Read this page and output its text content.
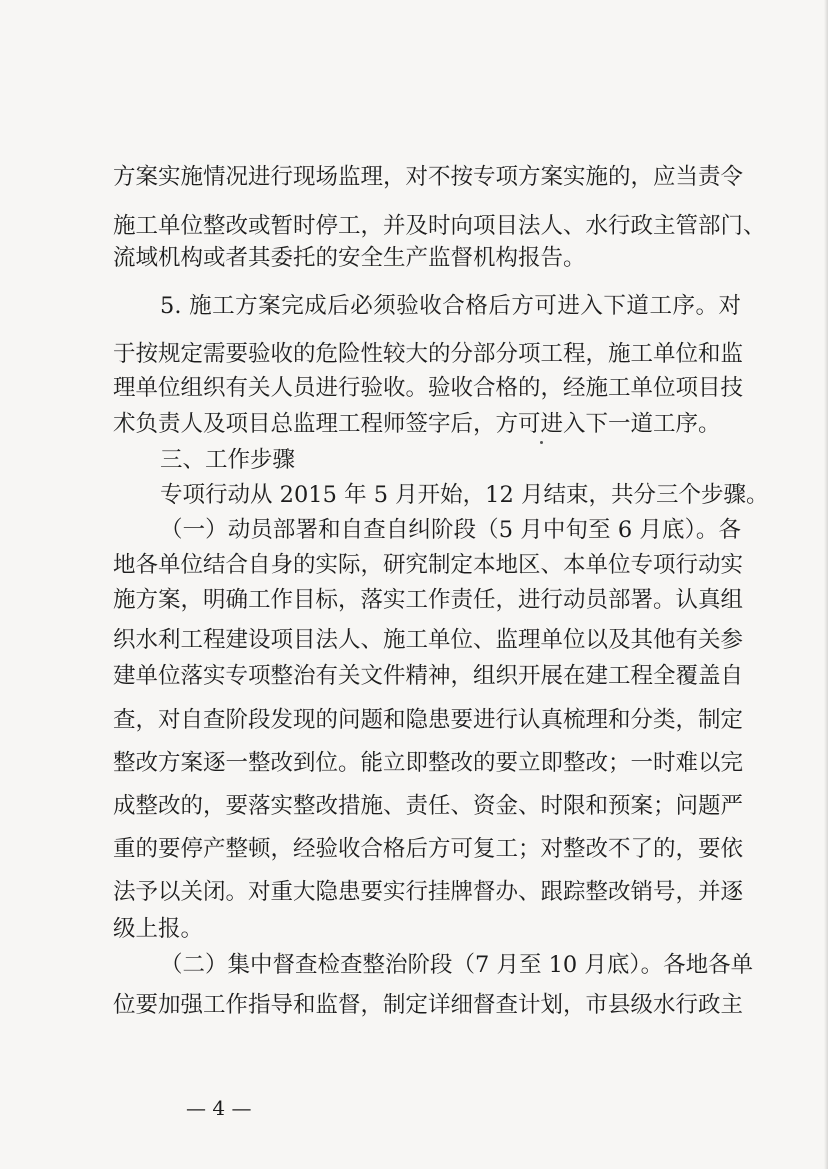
方案实施情况进行现场监理，对不按专项方案实施的，应当责令
施工单位整改或暂时停工，并及时向项目法人、水行政主管部门、
流域机构或者其委托的安全生产监督机构报告。
5. 施工方案完成后必须验收合格后方可进入下道工序。对
于按规定需要验收的危险性较大的分部分项工程，施工单位和监
理单位组织有关人员进行验收。验收合格的，经施工单位项目技
术负责人及项目总监理工程师签字后，方可进入下一道工序。
三、工作步骤
专项行动从 2015 年 5 月开始，12 月结束，共分三个步骤。
（一）动员部署和自查自纠阶段（5 月中旬至 6 月底）。各
地各单位结合自身的实际，研究制定本地区、本单位专项行动实
施方案，明确工作目标，落实工作责任，进行动员部署。认真组
织水利工程建设项目法人、施工单位、监理单位以及其他有关参
建单位落实专项整治有关文件精神，组织开展在建工程全覆盖自
查，对自查阶段发现的问题和隐患要进行认真梳理和分类，制定
整改方案逐一整改到位。能立即整改的要立即整改；一时难以完
成整改的，要落实整改措施、责任、资金、时限和预案；问题严
重的要停产整顿，经验收合格后方可复工；对整改不了的，要依
法予以关闭。对重大隐患要实行挂牌督办、跟踪整改销号，并逐
级上报。
（二）集中督查检查整治阶段（7 月至 10 月底）。各地各单
位要加强工作指导和监督，制定详细督查计划，市县级水行政主
— 4 —
